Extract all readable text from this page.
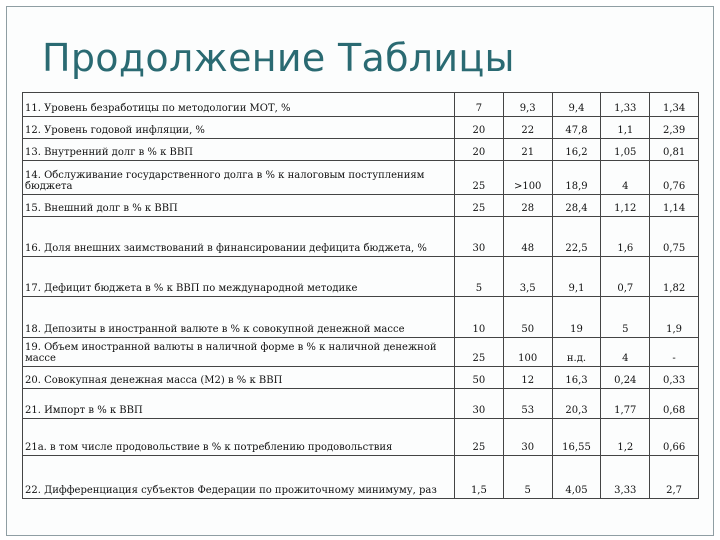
Продолжение Таблицы
11. Уровень безработицы по методологии МОТ, %	7	9,3	9,4	1,33	1,34
12. Уровень годовой инфляции, %	20	22	47,8	1,1	2,39
13. Внутренний долг в % к ВВП	20	21	16,2	1,05	0,81
14. Обслуживание государственного долга в % к налоговым поступлениям бюджета	25	>100	18,9	4	0,76
15. Внешний долг в % к ВВП	25	28	28,4	1,12	1,14
16. Доля внешних заимствований в финансировании дефицита бюджета, %	30	48	22,5	1,6	0,75
17. Дефицит бюджета в % к ВВП по международной методике	5	3,5	9,1	0,7	1,82
18. Депозиты в иностранной валюте в % к совокупной денежной массе	10	50	19	5	1,9
19. Объем иностранной валюты в наличной форме в % к наличной денежной массе	25	100	н.д.	4	-
20. Совокупная денежная масса (М2) в % к ВВП	50	12	16,3	0,24	0,33
21. Импорт в % к ВВП	30	53	20,3	1,77	0,68
21а. в том числе продовольствие в % к потреблению продовольствия	25	30	16,55	1,2	0,66
22. Дифференциация субъектов Федерации по прожиточному минимуму, раз	1,5	5	4,05	3,33	2,7
